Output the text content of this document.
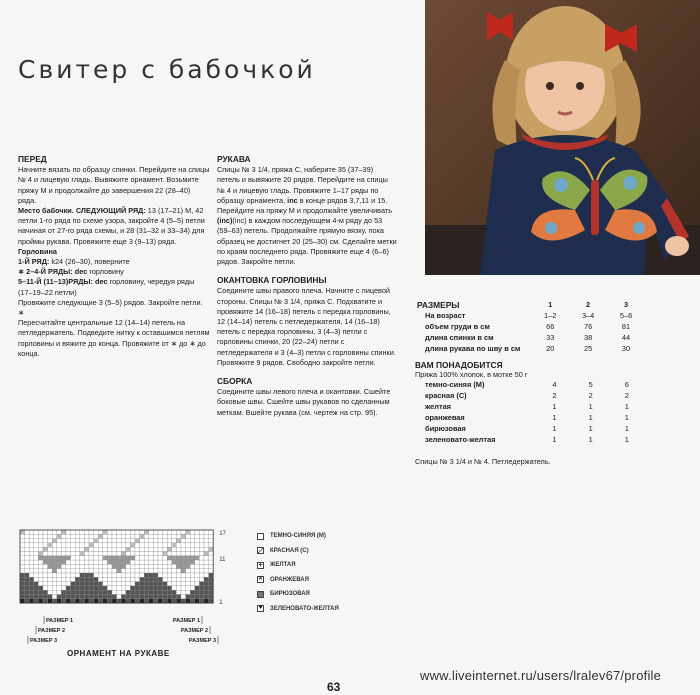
Свитер с бабочкой

ПЕРЕД

Начните вязать по образцу спинки. Перейдите на спицы № 4 и лицевую гладь. Вывяжите орнамент. Возьмите пряжу М и продолжайте до завершения 22 (28–40) ряда.

Место бабочки. СЛЕДУЮЩИЙ РЯД: 13 (17–21) М, 42 петли 1-го ряда по схеме узора, закройте 4 (5–5) петли начиная от 27-го ряда схемы, и 28 (31–32 и 33–34) для проймы рукава. Провяжите еще 3 (9–13) ряда.

Горловина

1-Й РЯД: k24 (26–30), поверните

∗ 2–4-Й РЯДЫ: dec горловину

5–11-Й (11–13)РЯДЫ: dec горловину, чередуя ряды (17–19–22 петли)

Провяжите следующие 3 (5–5) рядов. Закройте петли. ∗

Пересчитайте центральные 12 (14–14) петель на петледержатель. Подведите нитку к оставшимся петлям горловины и вяжите до конца. Провяжите от ∗ до ∗ до конца.

РУКАВА

Спицы № 3 1/4, пряжа С, наберите 35 (37–39) петель и вывяжите 20 рядов. Перейдите на спицы № 4 и лицевую гладь. Провяжите 1–17 ряды по образцу орнамента, inc в конце рядов 3,7,11 и 15. Перейдите на пряжу М и продолжайте увеличивать (inc)(inc) в каждом последующем 4-м ряду до 53 (59–63) петель. Продолжайте прямую вязку, пока образец не достигнет 20 (25–30) см. Сделайте метки по краям последнего ряда. Провяжите еще 4 (6–6) рядов. Закройте петли.

ОКАНТОВКА ГОРЛОВИНЫ

Соедините швы правого плеча. Начните с лицевой стороны. Спицы № 3 1/4, пряжа С. Подхватите и провяжите 14 (16–18) петель с передка горловины, 12 (14–14) петель с петледержателя, 14 (16–18) петель с передка горловины, 3 (4–3) петли с горловины спинки, 20 (22–24) петли с петледержателя и 3 (4–3) петли с горловины спинки. Провяжите 9 рядов. Свободно закройте петли.

СБОРКА

Соедините швы левого плеча и окантовки. Сшейте боковые швы. Сшейте швы рукавов по сделанным меткам. Вшейте рукава (см. чертеж на стр. 95).

РАЗМЕРЫ	1	2	3
На возраст	1–2	3–4	5–6
объем груди в см	66	76	81
длина спинки в см	33	38	44
длина рукава по шву в см	20	25	30
ВАМ ПОНАДОБИТСЯ
Пряжа 100% хлопок, в мотке 50 г
темно-синяя (М)	4	5	6
красная (С)	2	2	2
желтая	1	1	1
оранжевая	1	1	1
бирюзовая	1	1	1
зеленовато-желтая	1	1	1
Спицы № 3 1/4 и № 4. Петледержатель.
17
11
1
РАЗМЕР 1	РАЗМЕР 1
РАЗМЕР 2	РАЗМЕР 2
РАЗМЕР 3	РАЗМЕР 3
ОРНАМЕНТ НА РУКАВЕ
ТЕМНО-СИНЯЯ (М)
КРАСНАЯ (С)
+ ЖЕЛТАЯ
✕ ОРАНЖЕВАЯ
БИРЮЗОВАЯ
♥ ЗЕЛЕНОВАТО-ЖЕЛТАЯ
63
www.liveinternet.ru/users/lralev67/profile
